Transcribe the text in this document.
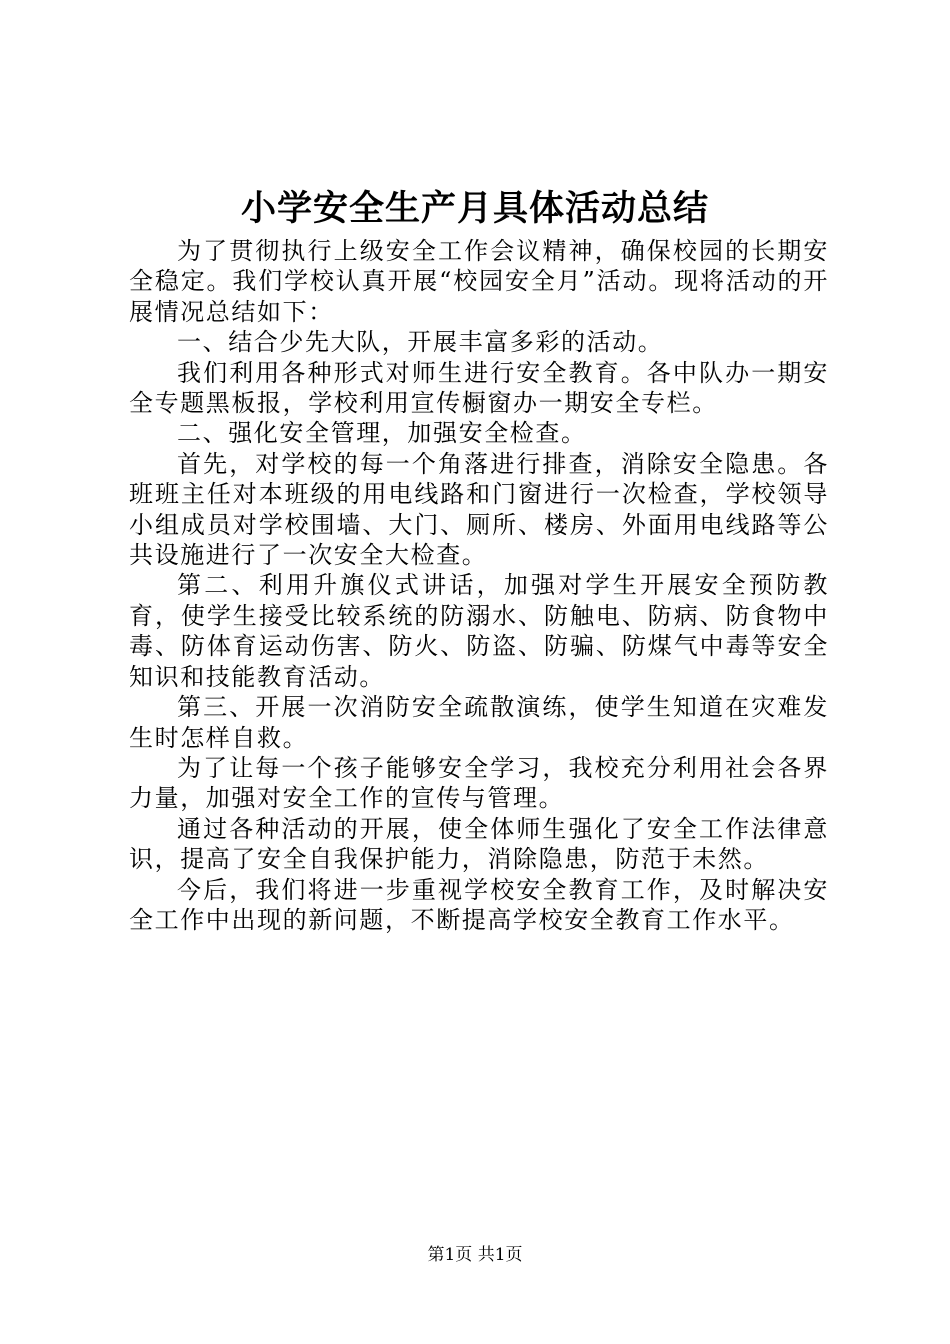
小学安全生产月具体活动总结

为了贯彻执行上级安全工作会议精神，确保校园的长期安全稳定。我们学校认真开展“校园安全月”活动。现将活动的开展情况总结如下：

一、结合少先大队，开展丰富多彩的活动。

我们利用各种形式对师生进行安全教育。各中队办一期安全专题黑板报，学校利用宣传橱窗办一期安全专栏。

二、强化安全管理，加强安全检查。

首先，对学校的每一个角落进行排查，消除安全隐患。各班班主任对本班级的用电线路和门窗进行一次检查，学校领导小组成员对学校围墙、大门、厕所、楼房、外面用电线路等公共设施进行了一次安全大检查。

第二、利用升旗仪式讲话，加强对学生开展安全预防教育，使学生接受比较系统的防溺水、防触电、防病、防食物中毒、防体育运动伤害、防火、防盗、防骗、防煤气中毒等安全知识和技能教育活动。

第三、开展一次消防安全疏散演练，使学生知道在灾难发生时怎样自救。

为了让每一个孩子能够安全学习，我校充分利用社会各界力量，加强对安全工作的宣传与管理。

通过各种活动的开展，使全体师生强化了安全工作法律意识，提高了安全自我保护能力，消除隐患，防范于未然。

今后，我们将进一步重视学校安全教育工作，及时解决安全工作中出现的新问题，不断提高学校安全教育工作水平。

第1页 共1页
